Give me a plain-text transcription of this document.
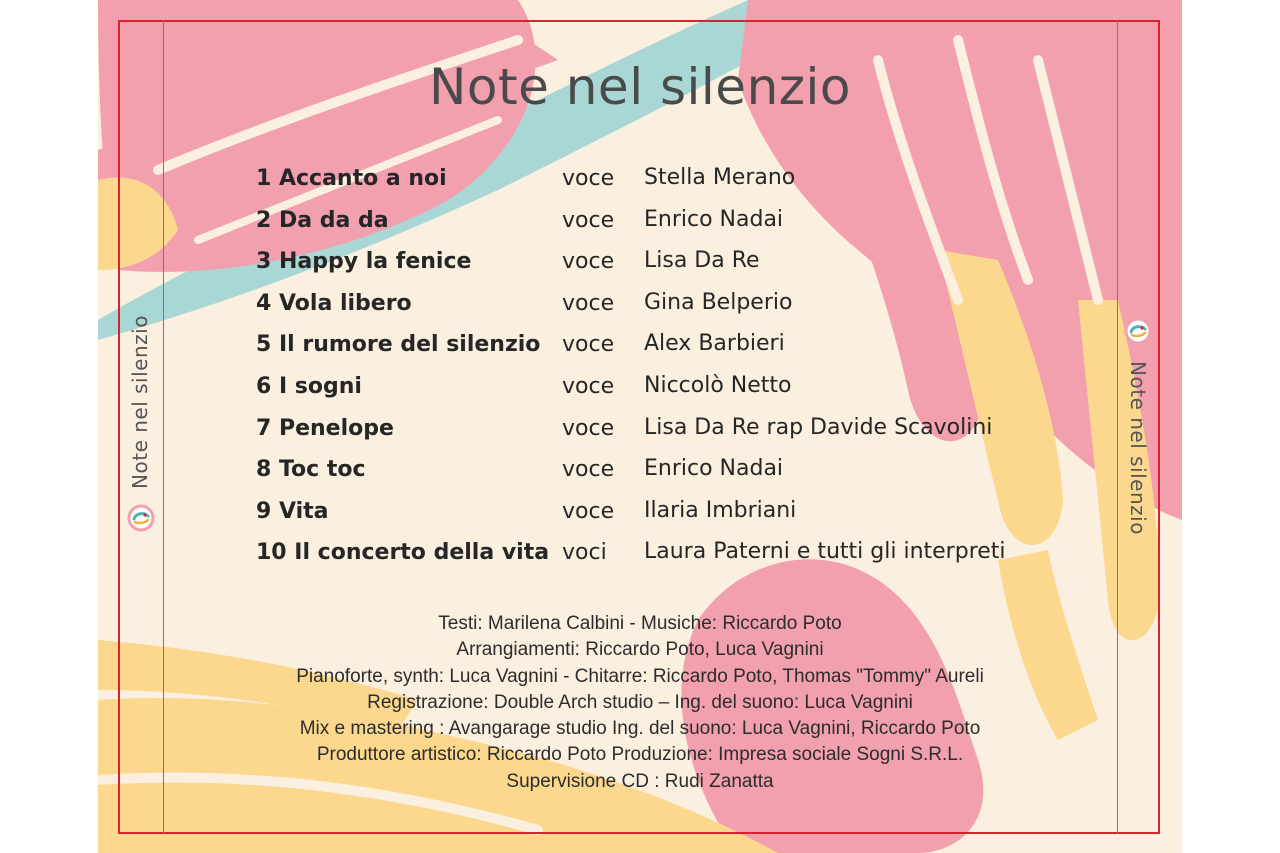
Note nel silenzio
1 Accanto a noi	voce Stella Merano
2 Da da da	voce Enrico Nadai
3 Happy la fenice	voce Lisa Da Re
4 Vola libero	voce Gina Belperio
5 Il rumore del silenzio voce Alex Barbieri
6 I sogni	voce Niccolò Netto
7 Penelope	voce Lisa Da Re rap Davide Scavolini
8 Toc toc	voce Enrico Nadai
9 Vita	voce Ilaria Imbriani
10 Il concerto della vita voci Laura Paterni e tutti gli interpreti
Testi: Marilena Calbini - Musiche: Riccardo Poto
Arrangiamenti: Riccardo Poto, Luca Vagnini
Pianoforte, synth: Luca Vagnini - Chitarre: Riccardo Poto, Thomas "Tommy" Aureli
Registrazione: Double Arch studio – Ing. del suono: Luca Vagnini
Mix e mastering : Avangarage studio Ing. del suono: Luca Vagnini, Riccardo Poto
Produttore artistico: Riccardo Poto Produzione: Impresa sociale Sogni S.R.L.
Supervisione CD : Rudi Zanatta
Note nel silenzio	Note nel silenzio
